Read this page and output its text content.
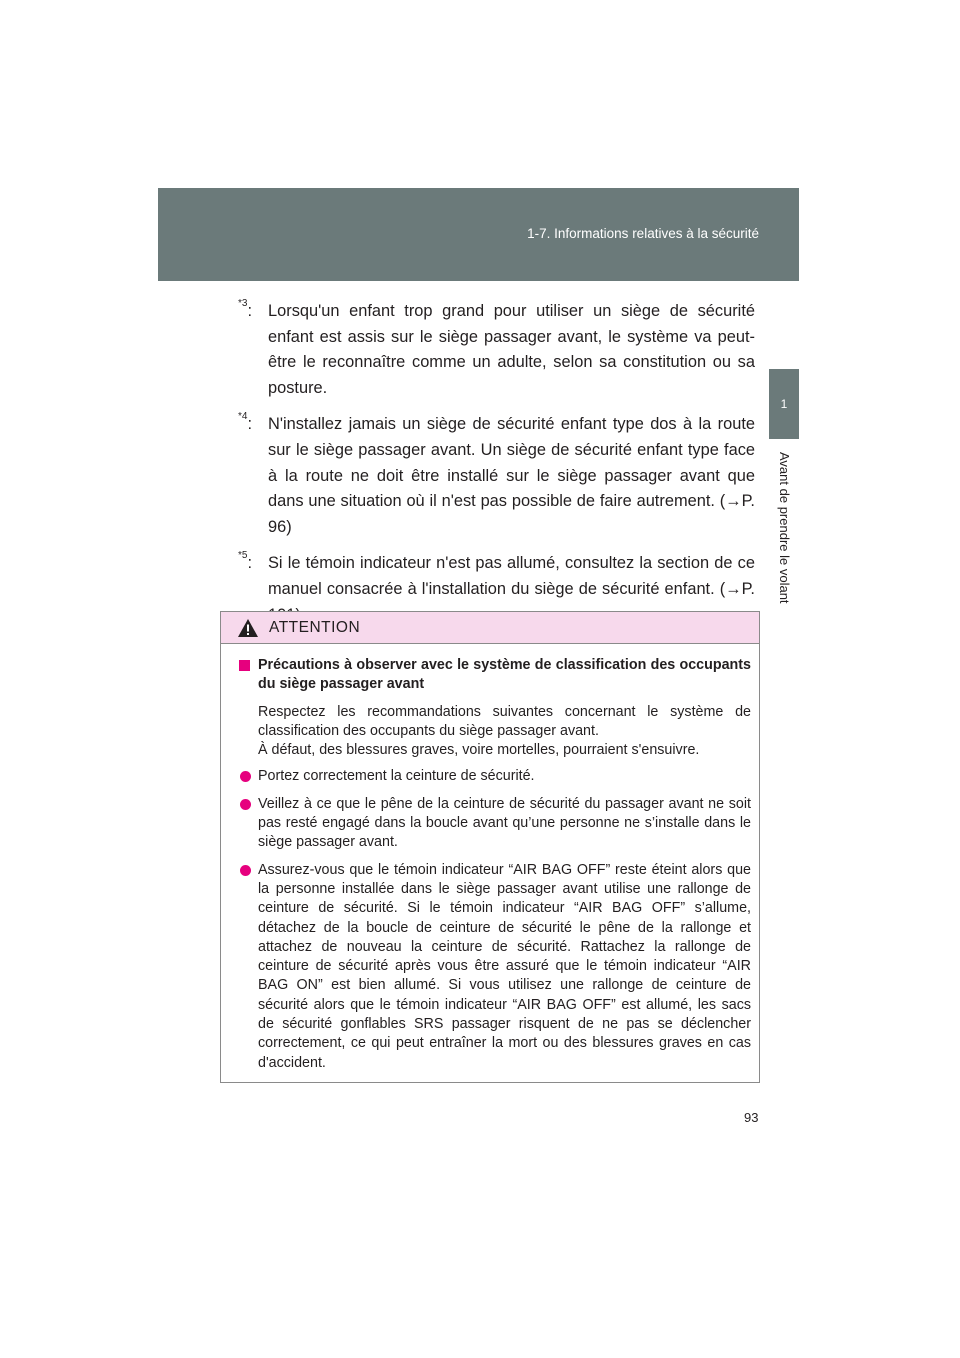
1-7. Informations relatives à la sécurité
1
Avant de prendre le volant
$^{*3}$: Lorsqu'un enfant trop grand pour utiliser un siège de sécurité enfant est assis sur le siège passager avant, le système va peut-être le reconnaître comme un adulte, selon sa constitution ou sa posture.
$^{*4}$: N'installez jamais un siège de sécurité enfant type dos à la route sur le siège passager avant. Un siège de sécurité enfant type face à la route ne doit être installé sur le siège passager avant que dans une situation où il n'est pas possible de faire autrement. (→P. 96)
$^{*5}$: Si le témoin indicateur n'est pas allumé, consultez la section de ce manuel consacrée à l'installation du siège de sécurité enfant. (→P.
ATTENTION
Précautions à observer avec le système de classification des occupants du siège passager avant
Respectez les recommandations suivantes concernant le système de classification des occupants du siège passager avant.
À défaut, des blessures graves, voire mortelles, pourraient s'ensuivre.
Portez correctement la ceinture de sécurité.
Veillez à ce que le pêne de la ceinture de sécurité du passager avant ne soit pas resté engagé dans la boucle avant qu’une personne ne s’installe dans le siège passager avant.
Assurez-vous que le témoin indicateur “AIR BAG OFF” reste éteint alors que la personne installée dans le siège passager avant utilise une rallonge de ceinture de sécurité. Si le témoin indicateur “AIR BAG OFF” s’allume, détachez de la boucle de ceinture de sécurité le pêne de la rallonge et attachez de nouveau la ceinture de sécurité. Rattachez la rallonge de ceinture de sécurité après vous être assuré que le témoin indicateur “AIR BAG ON” est bien allumé. Si vous utilisez une rallonge de ceinture de sécurité alors que le témoin indicateur “AIR BAG OFF” est allumé, les sacs de sécurité gonflables SRS passager risquent de ne pas se déclencher correctement, ce qui peut entraîner la mort ou des blessures graves en cas d'accident.
93
